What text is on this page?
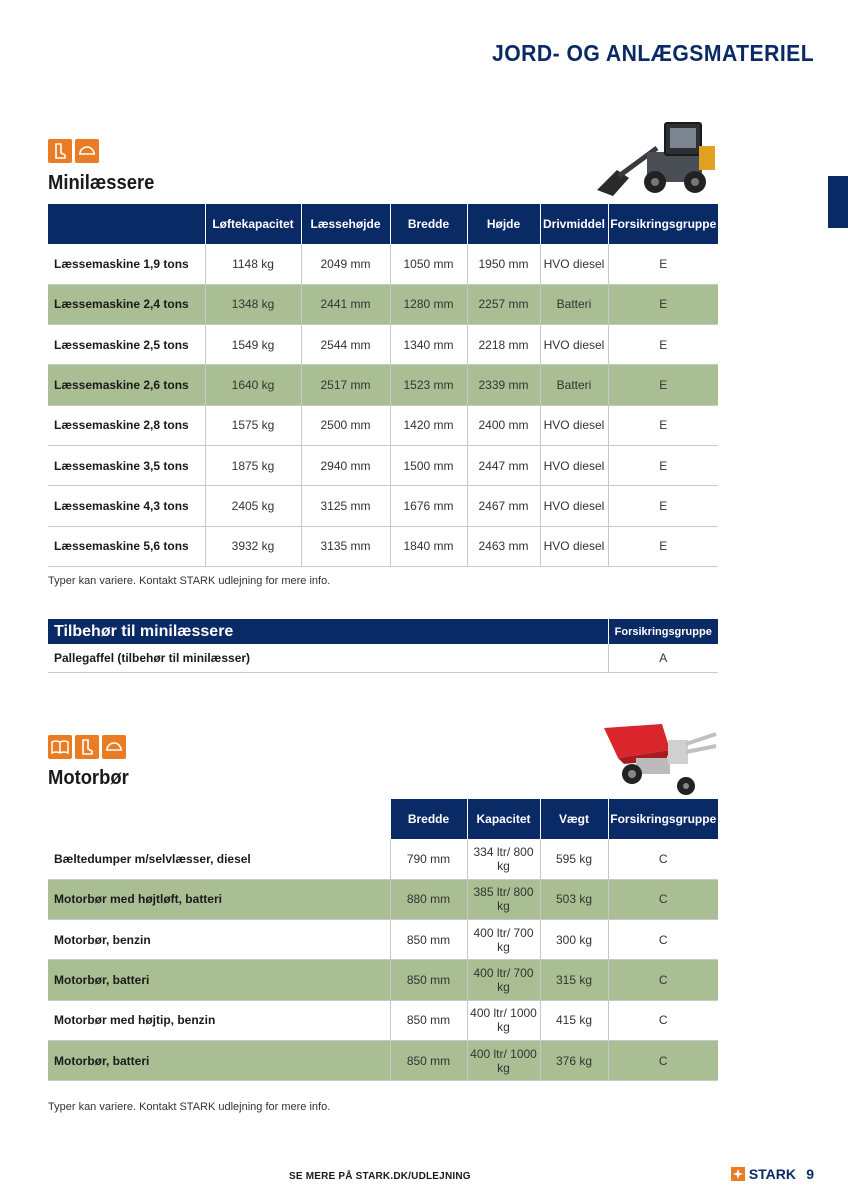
JORD- OG ANLÆGSMATERIEL
Minilæssere
	Løftekapacitet	Læssehøjde	Bredde	Højde	Drivmiddel	Forsikringsgruppe
Læssemaskine 1,9 tons	1148 kg	2049 mm	1050 mm	1950 mm	HVO diesel	E
Læssemaskine 2,4 tons	1348 kg	2441 mm	1280 mm	2257 mm	Batteri	E
Læssemaskine 2,5 tons	1549 kg	2544 mm	1340 mm	2218 mm	HVO diesel	E
Læssemaskine 2,6 tons	1640 kg	2517 mm	1523 mm	2339 mm	Batteri	E
Læssemaskine 2,8 tons	1575 kg	2500 mm	1420 mm	2400 mm	HVO diesel	E
Læssemaskine 3,5 tons	1875 kg	2940 mm	1500 mm	2447 mm	HVO diesel	E
Læssemaskine 4,3 tons	2405 kg	3125 mm	1676 mm	2467 mm	HVO diesel	E
Læssemaskine 5,6 tons	3932 kg	3135 mm	1840 mm	2463 mm	HVO diesel	E
Typer kan variere. Kontakt STARK udlejning for mere info.
Tilbehør til minilæssere	Forsikringsgruppe
Pallegaffel (tilbehør til minilæsser)	A
Motorbør
	Bredde	Kapacitet	Vægt	Forsikringsgruppe
Bæltedumper m/selvlæsser, diesel	790 mm	334 ltr/ 800 kg	595 kg	C
Motorbør med højtløft, batteri	880 mm	385 ltr/ 800 kg	503 kg	C
Motorbør, benzin	850 mm	400 ltr/ 700 kg	300 kg	C
Motorbør, batteri	850 mm	400 ltr/ 700 kg	315 kg	C
Motorbør med højtip, benzin	850 mm	400 ltr/ 1000 kg	415 kg	C
Motorbør, batteri	850 mm	400 ltr/ 1000 kg	376 kg	C
Typer kan variere. Kontakt STARK udlejning for mere info.
SE MERE PÅ STARK.DK/UDLEJNING	STARK 9
